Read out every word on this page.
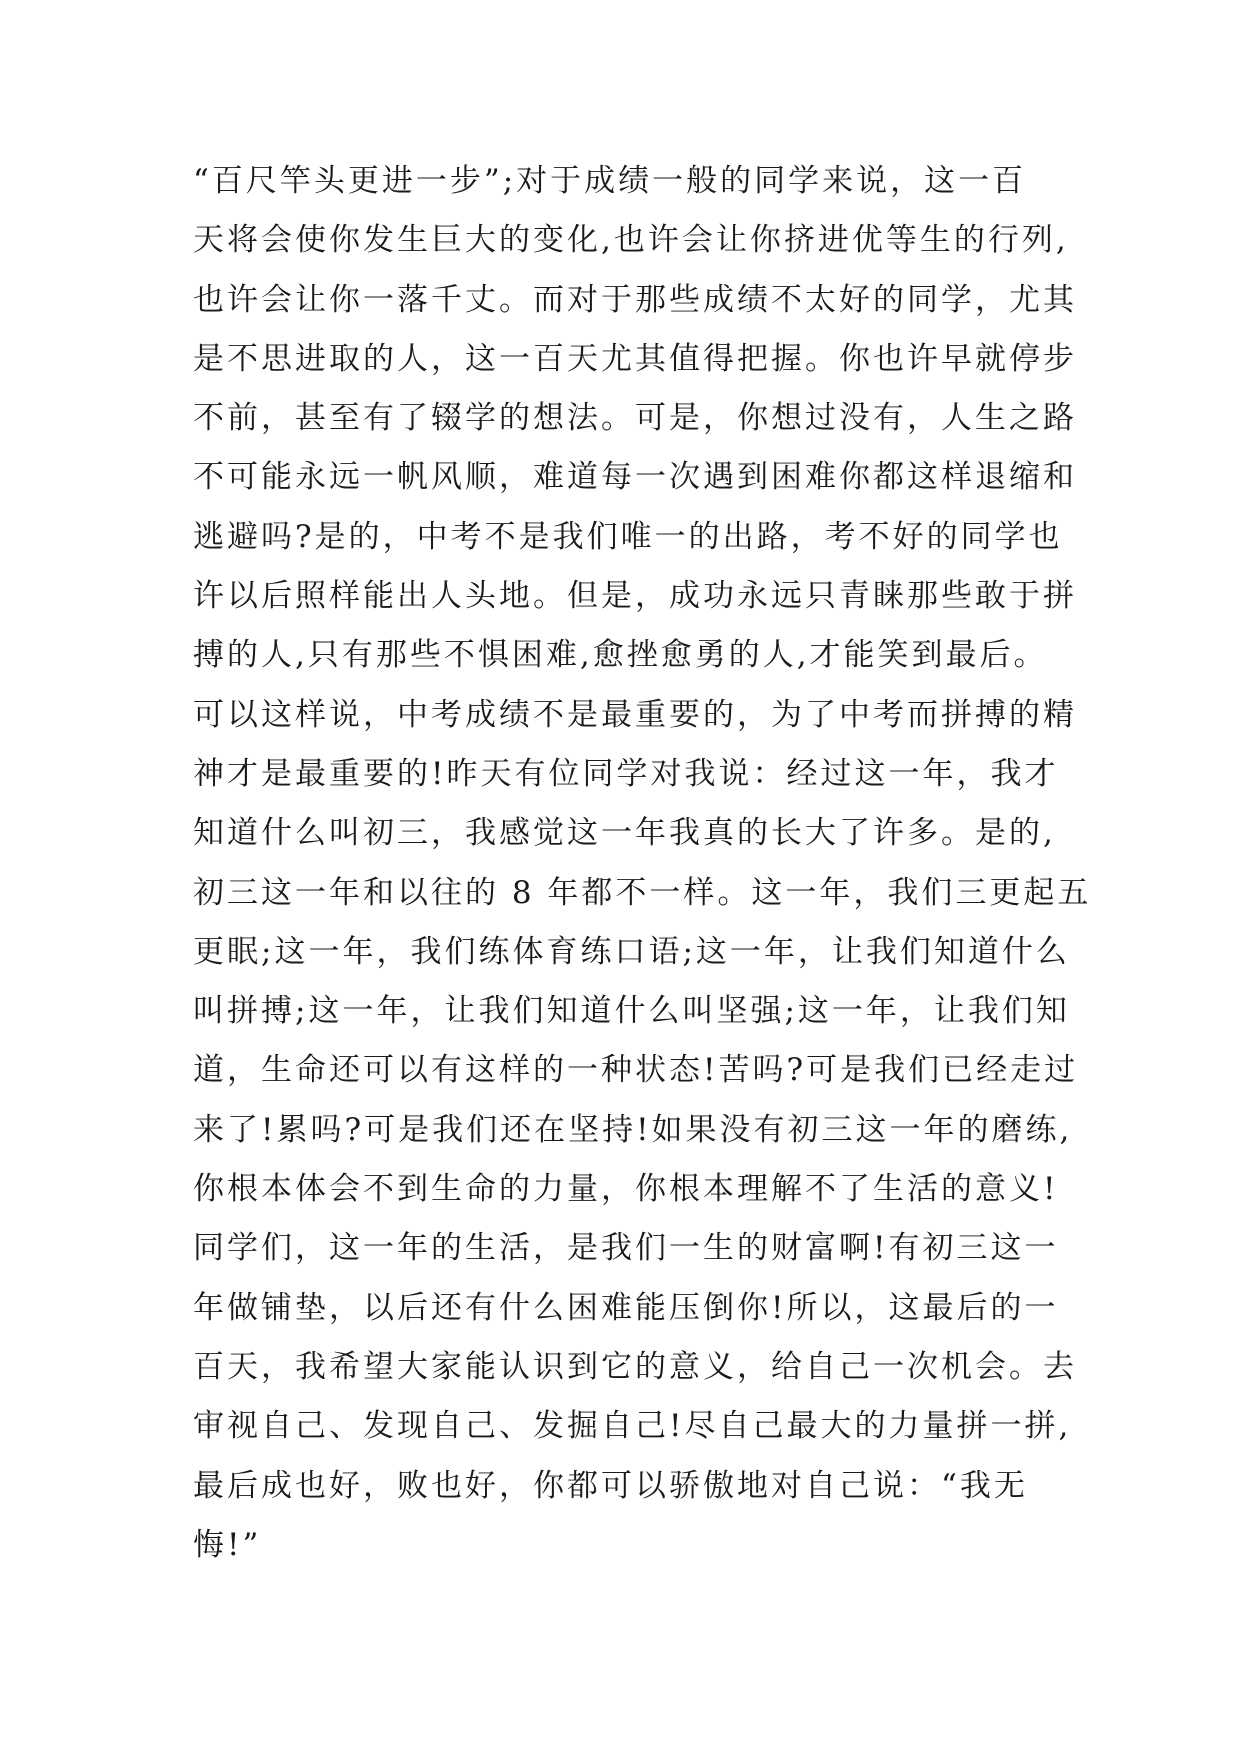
“百尺竿头更进一步”;对于成绩一般的同学来说，这一百
天将会使你发生巨大的变化,也许会让你挤进优等生的行列,
也许会让你一落千丈。而对于那些成绩不太好的同学，尤其
是不思进取的人，这一百天尤其值得把握。你也许早就停步
不前，甚至有了辍学的想法。可是，你想过没有，人生之路
不可能永远一帆风顺，难道每一次遇到困难你都这样退缩和
逃避吗?是的，中考不是我们唯一的出路，考不好的同学也
许以后照样能出人头地。但是，成功永远只青睐那些敢于拼
搏的人,只有那些不惧困难,愈挫愈勇的人,才能笑到最后。
可以这样说，中考成绩不是最重要的，为了中考而拼搏的精
神才是最重要的!昨天有位同学对我说：经过这一年，我才
知道什么叫初三，我感觉这一年我真的长大了许多。是的,
初三这一年和以往的 8 年都不一样。这一年，我们三更起五
更眠;这一年，我们练体育练口语;这一年，让我们知道什么
叫拼搏;这一年，让我们知道什么叫坚强;这一年，让我们知
道，生命还可以有这样的一种状态!苦吗?可是我们已经走过
来了!累吗?可是我们还在坚持!如果没有初三这一年的磨练,
你根本体会不到生命的力量，你根本理解不了生活的意义!
同学们，这一年的生活，是我们一生的财富啊!有初三这一
年做铺垫，以后还有什么困难能压倒你!所以，这最后的一
百天，我希望大家能认识到它的意义，给自己一次机会。去
审视自己、发现自己、发掘自己!尽自己最大的力量拼一拼,
最后成也好，败也好，你都可以骄傲地对自己说：“我无
悔!”
